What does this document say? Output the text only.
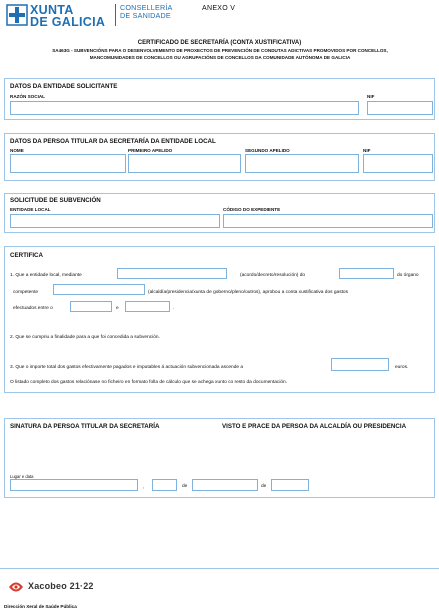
XUNTA
DE GALICIA
CONSELLERÍA
DE SANIDADE
ANEXO V
CERTIFICADO DE SECRETARÍA (CONTA XUSTIFICATIVA)
SA463G - SUBVENCIÓNS PARA O DESENVOLVEMENTO DE PROXECTOS DE PREVENCIÓN DE CONDUTAS ADICTIVAS PROMOVIDOS POR CONCELLOS,
MANCOMUNIDADES DE CONCELLOS OU AGRUPACIÓNS DE CONCELLOS DA COMUNIDADE AUTÓNOMA DE GALICIA
DATOS DA ENTIDADE SOLICITANTE
RAZÓN SOCIAL	NIF
DATOS DA PERSOA TITULAR DA SECRETARÍA DA ENTIDADE LOCAL
NOME	PRIMEIRO APELIDO	SEGUNDO APELIDO	NIF
SOLICITUDE DE SUBVENCIÓN
ENTIDADE LOCAL	CÓDIGO DO EXPEDIENTE
CERTIFICA
1. Que a entidade local, mediante	(acordo/decreto/resolución) do	do órgano
competente	(alcaldía/presidencia/xunta de goberno/pleno/outros), aprobou a conta xustificativa dos gastos
efectuados entre o	e	.
2. Que se cumpriu a finalidade para a que foi concedida a subvención.
3. Que o importe total dos gastos efectivamente pagados e imputables á actuación subvencionada ascende a	euros.
O listado completo dos gastos relaciónase no ficheiro en formato folla de cálculo que se achega xunto co resto da documentación.
SINATURA DA PERSOA TITULAR DA SECRETARÍA	VISTO E PRACE DA PERSOA DA ALCALDÍA OU PRESIDENCIA
Lugar e data
,	de	de
Xacobeo 21·22
Dirección Xeral de Saúde Pública
